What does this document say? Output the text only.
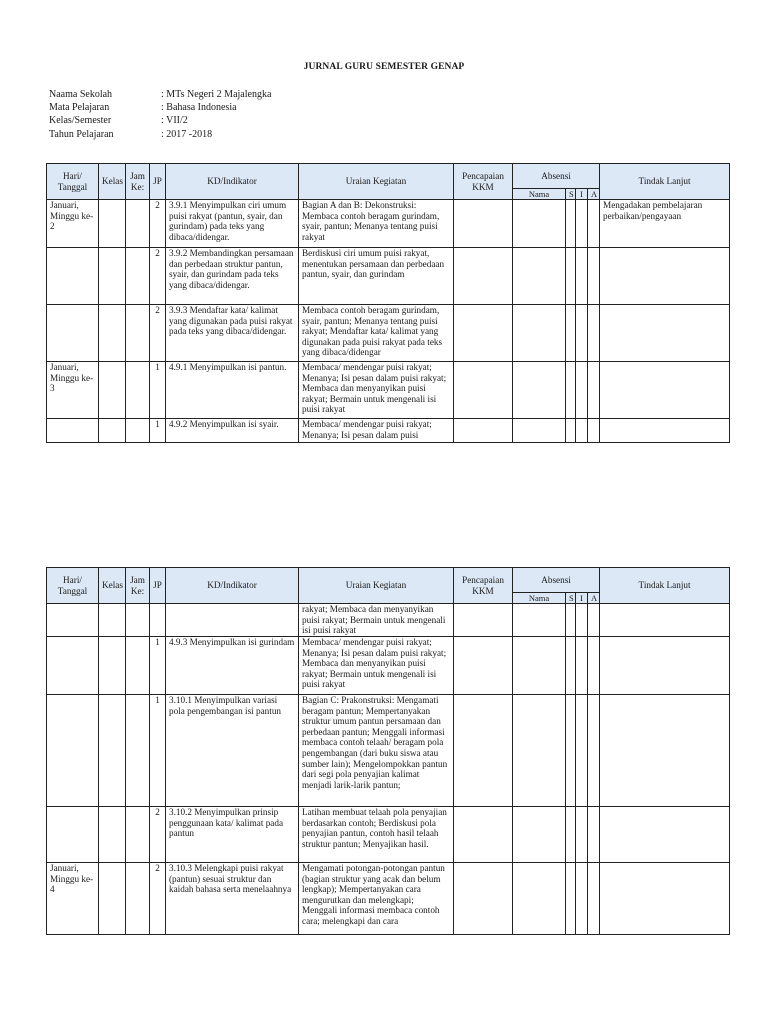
JURNAL GURU SEMESTER GENAP
Naama Sekolah	: MTs Negeri 2 Majalengka
Mata Pelajaran	: Bahasa Indonesia
Kelas/Semester	: VII/2
Tahun Pelajaran	: 2017 -2018
Hari/ Tanggal	Kelas	Jam Ke:	JP	KD/Indikator	Uraian Kegiatan	Pencapaian KKM	Absensi				Tindak Lanjut
							Nama	S	I	A	
Januari, Minggu ke-2			2	3.9.1 Menyimpulkan ciri umum puisi rakyat (pantun, syair, dan gurindam) pada teks yang dibaca/didengar.	Bagian A dan B: Dekonstruksi: Membaca contoh beragam gurindam, syair, pantun; Menanya tentang puisi rakyat						Mengadakan pembelajaran perbaikan/pengayaan
			2	3.9.2 Membandingkan persamaan dan perbedaan struktur pantun, syair, dan gurindam pada teks yang dibaca/didengar.	Berdiskusi ciri umum puisi rakyat, menentukan persamaan dan perbedaan pantun, syair, dan gurindam						
			2	3.9.3 Mendaftar kata/ kalimat yang digunakan pada puisi rakyat pada teks yang dibaca/didengar.	Membaca contoh beragam gurindam, syair, pantun; Menanya tentang puisi rakyat; Mendaftar kata/ kalimat yang digunakan pada puisi rakyat pada teks yang dibaca/didengar						
Januari, Minggu ke-3			1	4.9.1 Menyimpulkan isi pantun.	Membaca/ mendengar puisi rakyat; Menanya; Isi pesan dalam puisi rakyat; Membaca dan menyanyikan puisi rakyat; Bermain untuk mengenali isi puisi rakyat						
			1	4.9.2 Menyimpulkan isi syair.	Membaca/ mendengar puisi rakyat; Menanya; Isi pesan dalam puisi						
Hari/ Tanggal	Kelas	Jam Ke:	JP	KD/Indikator	Uraian Kegiatan	Pencapaian KKM	Absensi				Tindak Lanjut
							Nama	S	I	A	
					rakyat; Membaca dan menyanyikan puisi rakyat; Bermain untuk mengenali isi puisi rakyat						
			1	4.9.3 Menyimpulkan isi gurindam	Membaca/ mendengar puisi rakyat; Menanya; Isi pesan dalam puisi rakyat; Membaca dan menyanyikan puisi rakyat; Bermain untuk mengenali isi puisi rakyat						
			1	3.10.1 Menyimpulkan variasi pola pengembangan isi pantun	Bagian C: Prakonstruksi: Mengamati beragam pantun; Mempertanyakan struktur umum pantun persamaan dan perbedaan pantun; Menggali informasi membaca contoh telaah/ beragam pola pengembangan (dari buku siswa atau sumber lain); Mengelompokkan pantun dari segi pola penyajian kalimat menjadi larik-larik pantun;						
			2	3.10.2 Menyimpulkan prinsip penggunaan kata/ kalimat pada pantun	Latihan membuat telaah pola penyajian berdasarkan contoh; Berdiskusi pola penyajian pantun, contoh hasil telaah struktur pantun; Menyajikan hasil.						
Januari, Minggu ke-4			2	3.10.3 Melengkapi puisi rakyat (pantun) sesuai struktur dan kaidah bahasa serta menelaahnya	Mengamati potongan-potongan pantun (bagian struktur yang acak dan belum lengkap); Mempertanyakan cara mengurutkan dan melengkapi; Menggali informasi membaca contoh cara; melengkapi dan cara						
